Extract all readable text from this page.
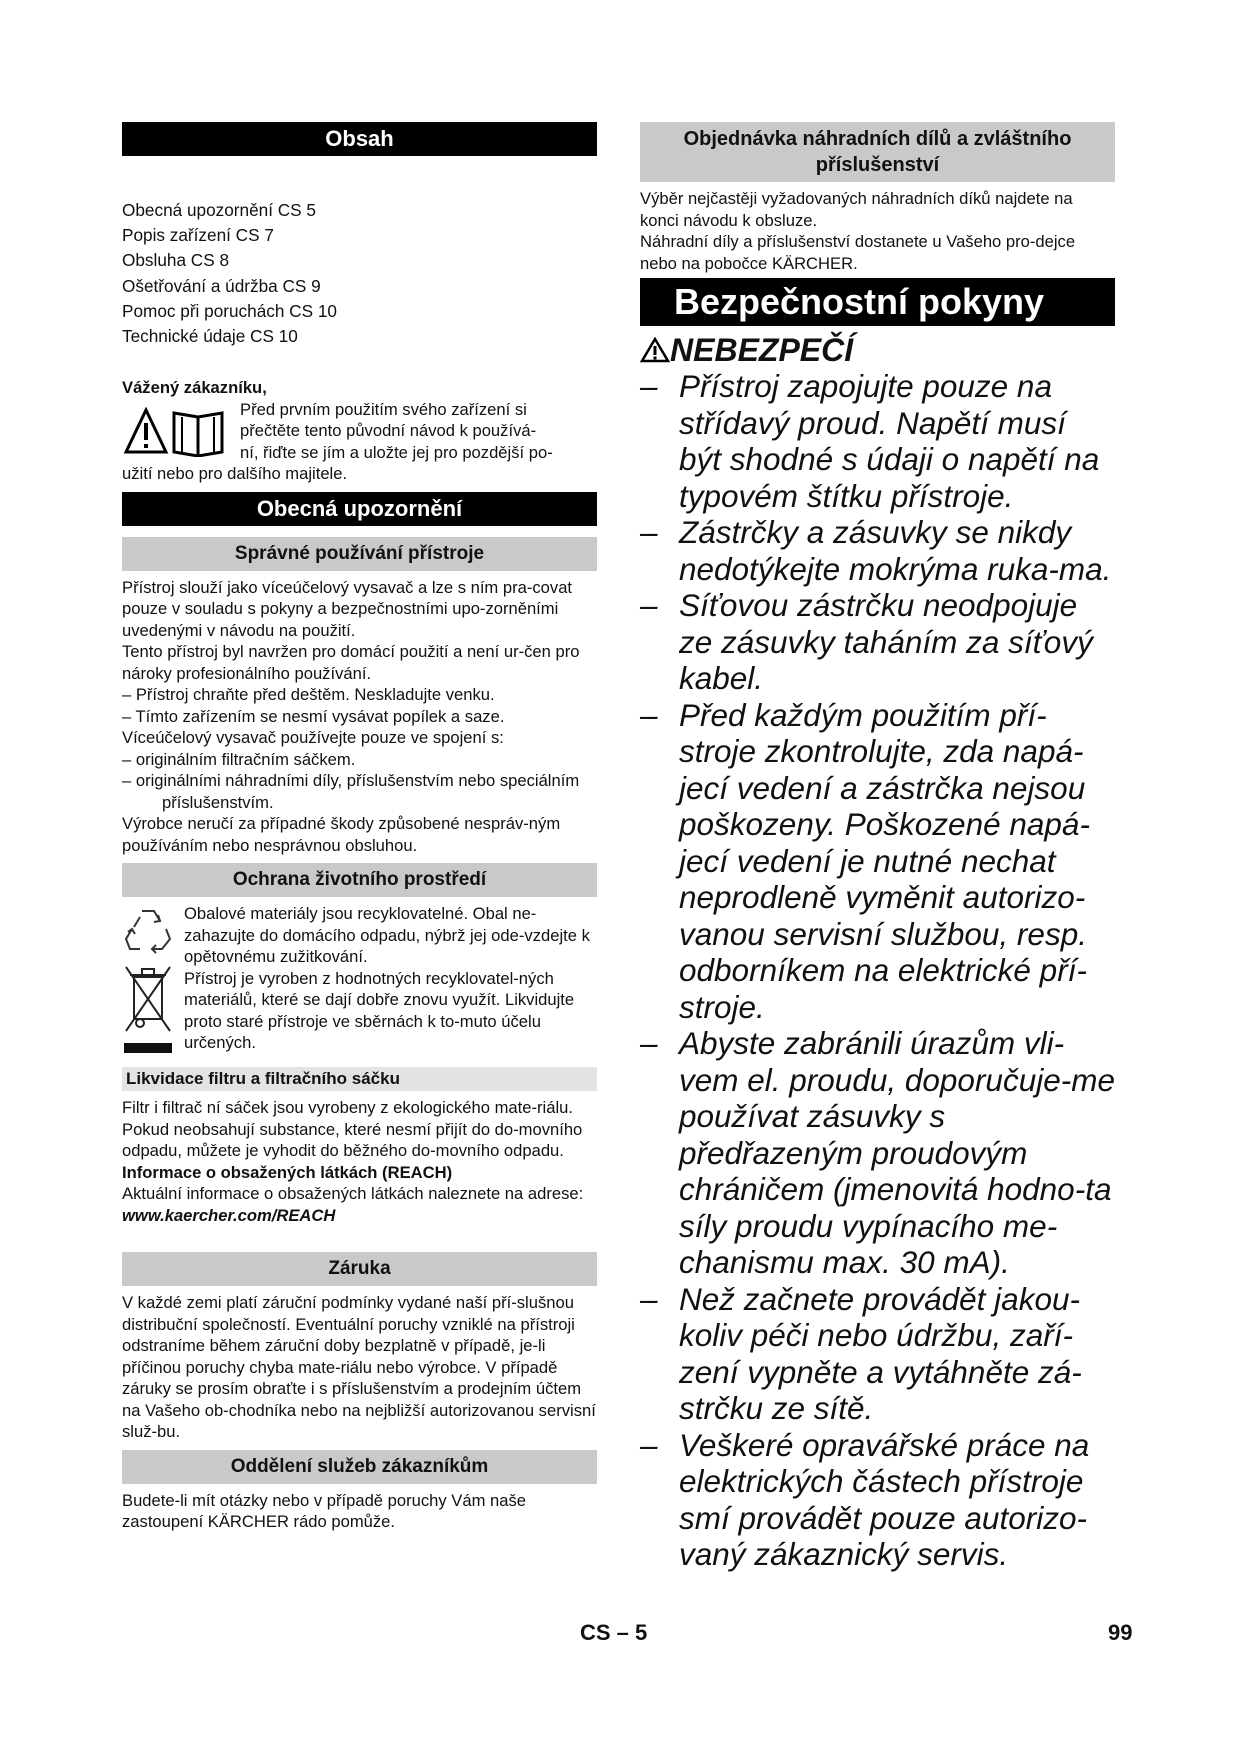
Obsah

Obecná upozornění CS 5

Popis zařízení CS 7

Obsluha CS 8

Ošetřování a údržba CS 9

Pomoc při poruchách CS 10

Technické údaje CS 10

Vážený zákazníku,

Před prvním použitím svého zařízení si

přečtěte tento původní návod k používá-

ní, řiďte se jím a uložte jej pro pozdější po-

užití nebo pro dalšího majitele.

Obecná upozornění
Správné používání přístroje

Přístroj slouží jako víceúčelový vysavač a lze s ním pra-covat pouze v souladu s pokyny a bezpečnostními upo-zorněními uvedenými v návodu na použití.

Tento přístroj byl navržen pro domácí použití a není ur-čen pro nároky profesionálního používání.

– Přístroj chraňte před deštěm. Neskladujte venku.

– Tímto zařízením se nesmí vysávat popílek a saze.

Víceúčelový vysavač používejte pouze ve spojení s:

– originálním filtračním sáčkem.

– originálními náhradními díly, příslušenstvím nebo speciálním příslušenstvím.

Výrobce neručí za případné škody způsobené nespráv-ným používáním nebo nesprávnou obsluhou.

Ochrana životního prostředí

Obalové materiály jsou recyklovatelné. Obal ne-zahazujte do domácího odpadu, nýbrž jej ode-vzdejte k opětovnému zužitkování.

Přístroj je vyroben z hodnotných recyklovatel-ných materiálů, které se dají dobře znovu využít. Likvidujte proto staré přístroje ve sběrnách k to-muto účelu určených.

Likvidace filtru a filtračního sáčku

Filtr i filtrač ní sáček jsou vyrobeny z ekologického mate-riálu.

Pokud neobsahují substance, které nesmí přijít do do-movního odpadu, můžete je vyhodit do běžného do-movního odpadu.

Informace o obsažených látkách (REACH)

Aktuální informace o obsažených látkách naleznete na adrese:

www.kaercher.com/REACH

Záruka

V každé zemi platí záruční podmínky vydané naší pří-slušnou distribuční společností. Eventuální poruchy vzniklé na přístroji odstraníme během záruční doby bezplatně v případě, je-li příčinou poruchy chyba mate-riálu nebo výrobce. V případě záruky se prosím obraťte i s příslušenstvím a prodejním účtem na Vašeho ob-chodníka nebo na nejbližší autorizovanou servisní služ-bu.

Oddělení služeb zákazníkům

Budete-li mít otázky nebo v případě poruchy Vám naše zastoupení KÄRCHER rádo pomůže.

Objednávka náhradních dílů a zvláštního
příslušenství

Výběr nejčastěji vyžadovaných náhradních díků najdete na konci návodu k obsluze.

Náhradní díly a příslušenství dostanete u Vašeho pro-dejce nebo na pobočce KÄRCHER.

Bezpečnostní pokyny
NEBEZPEČÍ

– Přístroj zapojujte pouze na střídavý proud. Napětí musí být shodné s údaji o napětí na typovém štítku přístroje.

– Zástrčky a zásuvky se nikdy nedotýkejte mokrýma ruka-ma.

– Síťovou zástrčku neodpojuje ze zásuvky taháním za síťový kabel.

– Před každým použitím pří-stroje zkontrolujte, zda napá-jecí vedení a zástrčka nejsou poškozeny. Poškozené napá-jecí vedení je nutné nechat neprodleně vyměnit autorizo-vanou servisní službou, resp. odborníkem na elektrické pří-stroje.

– Abyste zabránili úrazům vli-vem el. proudu, doporučuje-me používat zásuvky s předřazeným proudovým chráničem (jmenovitá hodno-ta síly proudu vypínacího me-chanismu max. 30 mA).

– Než začnete provádět jakou-koliv péči nebo údržbu, zaří-zení vypněte a vytáhněte zá-strčku ze sítě.

– Veškeré opravářské práce na elektrických částech přístroje smí provádět pouze autorizo-vaný zákaznický servis.

CS – 5	99
